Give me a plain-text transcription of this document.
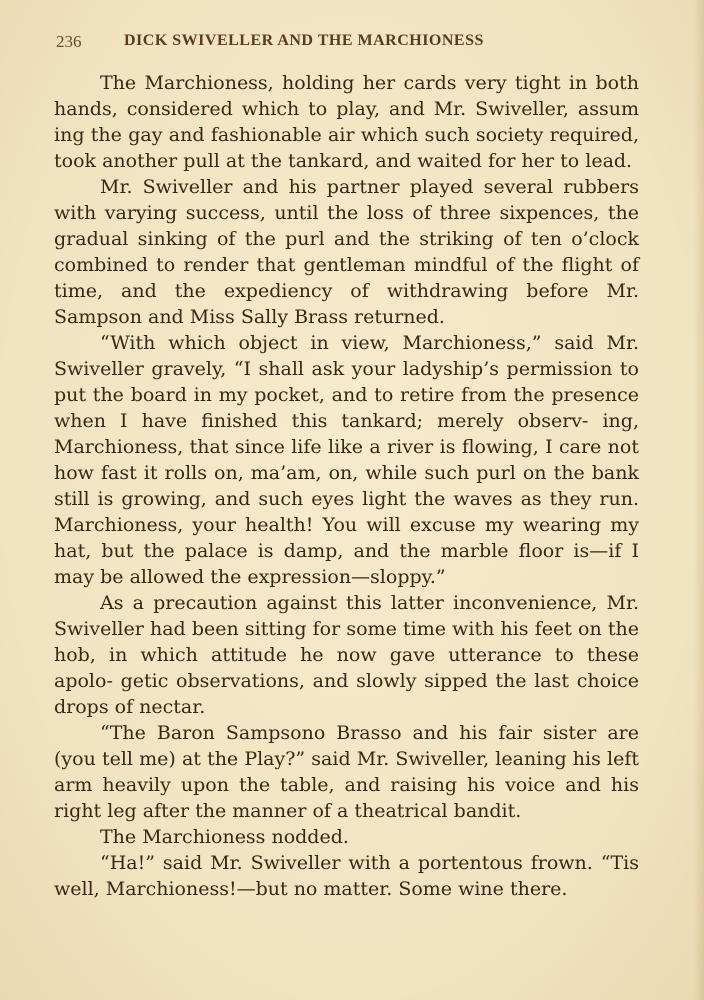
236	DICK SWIVELLER AND THE MARCHIONESS

The Marchioness, holding her cards very tight in both hands, considered which to play, and Mr. Swiveller, assum ing the gay and fashionable air which such society required, took another pull at the tankard, and waited for her to lead.

Mr. Swiveller and his partner played several rubbers with varying success, until the loss of three sixpences, the gradual sinking of the purl and the striking of ten o’clock combined to render that gentleman mindful of the flight of time, and the expediency of withdrawing before Mr. Sampson and Miss Sally Brass returned.

“With which object in view, Marchioness,” said Mr. Swiveller gravely, “I shall ask your ladyship’s permission to put the board in my pocket, and to retire from the presence when I have finished this tankard; merely observ- ing, Marchioness, that since life like a river is flowing, I care not how fast it rolls on, ma’am, on, while such purl on the bank still is growing, and such eyes light the waves as they run. Marchioness, your health! You will excuse my wearing my hat, but the palace is damp, and the marble floor is—if I may be allowed the expression—sloppy.”

As a precaution against this latter inconvenience, Mr. Swiveller had been sitting for some time with his feet on the hob, in which attitude he now gave utterance to these apolo- getic observations, and slowly sipped the last choice drops of nectar.

“The Baron Sampsono Brasso and his fair sister are (you tell me) at the Play?” said Mr. Swiveller, leaning his left arm heavily upon the table, and raising his voice and his right leg after the manner of a theatrical bandit.

The Marchioness nodded.

“Ha!” said Mr. Swiveller with a portentous frown. “Tis well, Marchioness!—but no matter. Some wine there.
